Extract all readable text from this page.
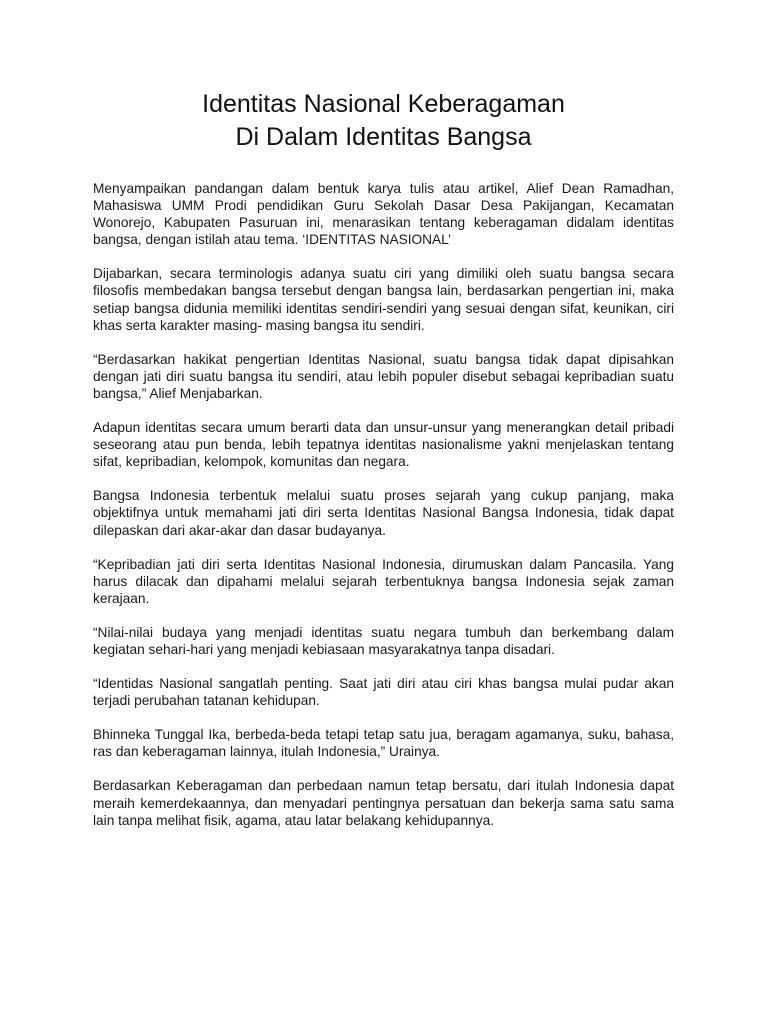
Identitas Nasional Keberagaman
Di Dalam Identitas Bangsa

Menyampaikan pandangan dalam bentuk karya tulis atau artikel, Alief Dean Ramadhan, Mahasiswa UMM Prodi pendidikan Guru Sekolah Dasar Desa Pakijangan, Kecamatan Wonorejo, Kabupaten Pasuruan ini, menarasikan tentang keberagaman didalam identitas bangsa, dengan istilah atau tema. ‘IDENTITAS NASIONAL’

Dijabarkan, secara terminologis adanya suatu ciri yang dimiliki oleh suatu bangsa secara filosofis membedakan bangsa tersebut dengan bangsa lain, berdasarkan pengertian ini, maka setiap bangsa didunia memiliki identitas sendiri-sendiri yang sesuai dengan sifat, keunikan, ciri khas serta karakter masing- masing bangsa itu sendiri.

“Berdasarkan hakikat pengertian Identitas Nasional, suatu bangsa tidak dapat dipisahkan dengan jati diri suatu bangsa itu sendiri, atau lebih populer disebut sebagai kepribadian suatu bangsa,” Alief Menjabarkan.

Adapun identitas secara umum berarti data dan unsur-unsur yang menerangkan detail pribadi seseorang atau pun benda, lebih tepatnya identitas nasionalisme yakni menjelaskan tentang sifat, kepribadian, kelompok, komunitas dan negara.

Bangsa Indonesia terbentuk melalui suatu proses sejarah yang cukup panjang, maka objektifnya untuk memahami jati diri serta Identitas Nasional Bangsa Indonesia, tidak dapat dilepaskan dari akar-akar dan dasar budayanya.

“Kepribadian jati diri serta Identitas Nasional Indonesia, dirumuskan dalam Pancasila. Yang harus dilacak dan dipahami melalui sejarah terbentuknya bangsa Indonesia sejak zaman kerajaan.

“Nilai-nilai budaya yang menjadi identitas suatu negara tumbuh dan berkembang dalam kegiatan sehari-hari yang menjadi kebiasaan masyarakatnya tanpa disadari.

“Identidas Nasional sangatlah penting. Saat jati diri atau ciri khas bangsa mulai pudar akan terjadi perubahan tatanan kehidupan.

Bhinneka Tunggal Ika, berbeda-beda tetapi tetap satu jua, beragam agamanya, suku, bahasa, ras dan keberagaman lainnya, itulah Indonesia,” Urainya.

Berdasarkan Keberagaman dan perbedaan namun tetap bersatu, dari itulah Indonesia dapat meraih kemerdekaannya, dan menyadari pentingnya persatuan dan bekerja sama satu sama lain tanpa melihat fisik, agama, atau latar belakang kehidupannya.
